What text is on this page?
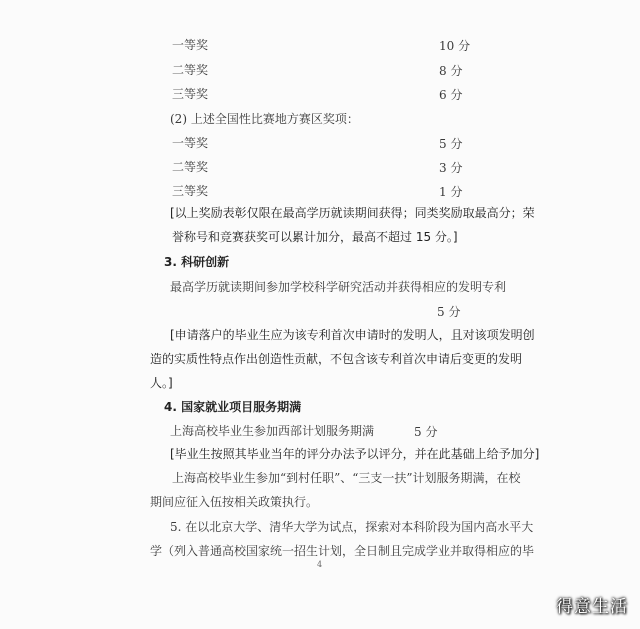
一等奖	10 分
二等奖	8 分
三等奖	6 分
(2) 上述全国性比赛地方赛区奖项：
一等奖	5 分
二等奖	3 分
三等奖	1 分
[以上奖励表彰仅限在最高学历就读期间获得；同类奖励取最高分；荣
誉称号和竞赛获奖可以累计加分，最高不超过 15 分。]
3. 科研创新
最高学历就读期间参加学校科学研究活动并获得相应的发明专利
5 分
[申请落户的毕业生应为该专利首次申请时的发明人，且对该项发明创
造的实质性特点作出创造性贡献，不包含该专利首次申请后变更的发明
人。]
4. 国家就业项目服务期满
上海高校毕业生参加西部计划服务期满	5 分
[毕业生按照其毕业当年的评分办法予以评分，并在此基础上给予加分]
上海高校毕业生参加“到村任职”、“三支一扶”计划服务期满，在校
期间应征入伍按相关政策执行。
5. 在以北京大学、清华大学为试点，探索对本科阶段为国内高水平大
学（列入普通高校国家统一招生计划，全日制且完成学业并取得相应的毕
4
得意生活
